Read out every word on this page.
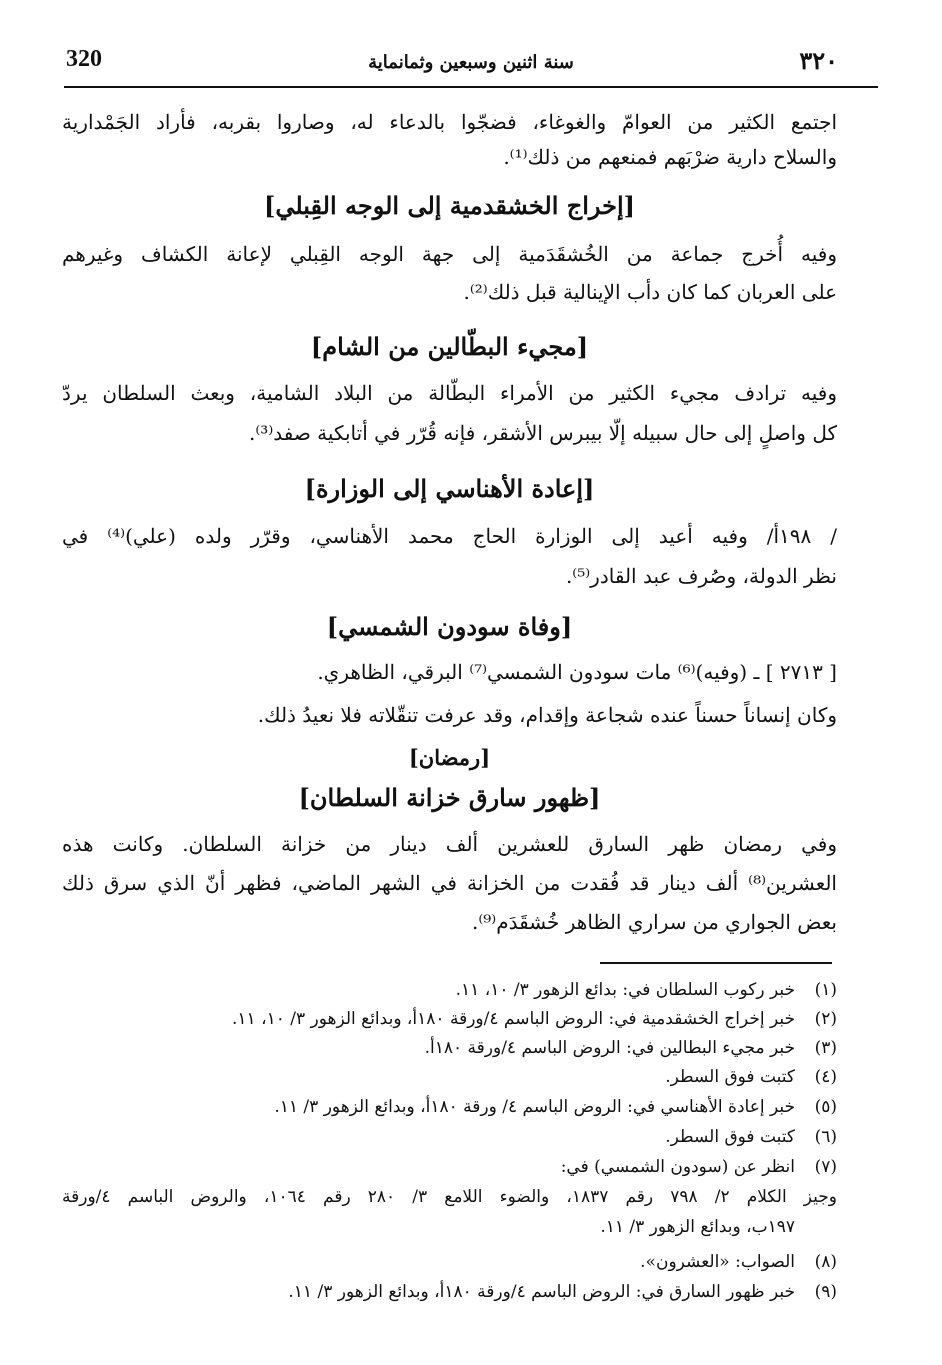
320	سنة اثنين وسبعين وثمانماية	٣٢٠
اجتمع الكثير من العوامّ والغوغاء، فضجّوا بالدعاء له، وصاروا بقربه، فأراد الجَمْدارية
والسلاح دارية ضرْبَهم فمنعهم من ذلك⁽¹⁾.
[إخراج الخشقدمية إلى الوجه القِبلي]
وفيه أُخرج جماعة من الخُشقَدَمية إلى جهة الوجه القِبلي لإعانة الكشاف وغيرهم
على العربان كما كان دأب الإينالية قبل ذلك⁽²⁾.
[مجيء البطّالين من الشام]
وفيه ترادف مجيء الكثير من الأمراء البطّالة من البلاد الشامية، وبعث السلطان يردّ
كل واصلٍ إلى حال سبيله إلّا بيبرس الأشقر، فإنه قُرّر في أتابكية صفد⁽³⁾.
[إعادة الأهناسي إلى الوزارة]
/ ١٩٨أ/ وفيه أعيد إلى الوزارة الحاج محمد الأهناسي، وقرّر ولده (علي)⁽⁴⁾ في
نظر الدولة، وصُرف عبد القادر⁽⁵⁾.
[وفاة سودون الشمسي]
[ ٢٧١٣ ] ـ (وفيه)⁽⁶⁾ مات سودون الشمسي⁽⁷⁾ البرقي، الظاهري.
وكان إنساناً حسناً عنده شجاعة وإقدام، وقد عرفت تنقّلاته فلا نعيدُ ذلك.
[رمضان]
[ظهور سارق خزانة السلطان]
وفي رمضان ظهر السارق للعشرين ألف دينار من خزانة السلطان. وكانت هذه
العشرين⁽⁸⁾ ألف دينار قد فُقدت من الخزانة في الشهر الماضي، فظهر أنّ الذي سرق ذلك
بعض الجواري من سراري الظاهر خُشقَدَم⁽⁹⁾.
(١)خبر ركوب السلطان في: بدائع الزهور ٣/ ١٠، ١١.
(٢)خبر إخراج الخشقدمية في: الروض الباسم ٤/ورقة ١٨٠أ، وبدائع الزهور ٣/ ١٠، ١١.
(٣)خبر مجيء البطالين في: الروض الباسم ٤/ورقة ١٨٠أ.
(٤)كتبت فوق السطر.
(٥)خبر إعادة الأهناسي في: الروض الباسم ٤/ ورقة ١٨٠أ، وبدائع الزهور ٣/ ١١.
(٦)كتبت فوق السطر.
(٧)انظر عن (سودون الشمسي) في:
وجيز الكلام ٢/ ٧٩٨ رقم ١٨٣٧، والضوء اللامع ٣/ ٢٨٠ رقم ١٠٦٤، والروض الباسم ٤/ورقة
١٩٧ب، وبدائع الزهور ٣/ ١١.
(٨)الصواب: «العشرون».
(٩)خبر ظهور السارق في: الروض الباسم ٤/ورقة ١٨٠أ، وبدائع الزهور ٣/ ١١.
